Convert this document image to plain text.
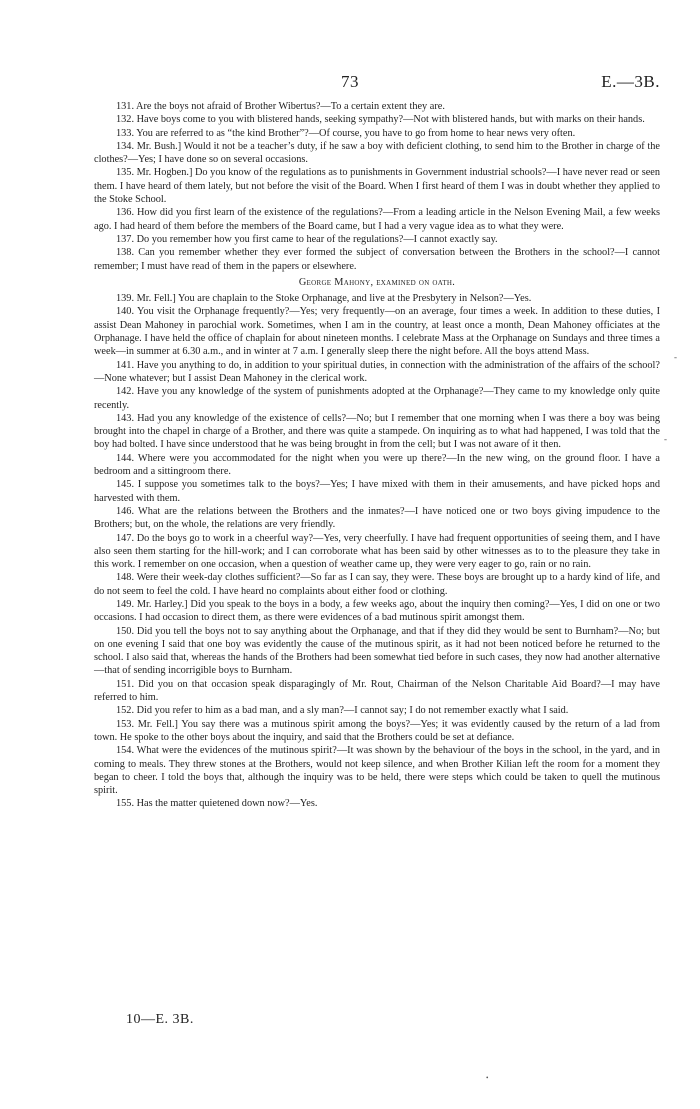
73	E.—3B.

131. Are the boys not afraid of Brother Wibertus?—To a certain extent they are.

132. Have boys come to you with blistered hands, seeking sympathy?—Not with blistered hands, but with marks on their hands.

133. You are referred to as “the kind Brother”?—Of course, you have to go from home to hear news very often.

134. Mr. Bush.] Would it not be a teacher’s duty, if he saw a boy with deficient clothing, to send him to the Brother in charge of the clothes?—Yes; I have done so on several occasions.

135. Mr. Hogben.] Do you know of the regulations as to punishments in Government industrial schools?—I have never read or seen them. I have heard of them lately, but not before the visit of the Board. When I first heard of them I was in doubt whether they applied to the Stoke School.

136. How did you first learn of the existence of the regulations?—From a leading article in the Nelson Evening Mail, a few weeks ago. I had heard of them before the members of the Board came, but I had a very vague idea as to what they were.

137. Do you remember how you first came to hear of the regulations?—I cannot exactly say.

138. Can you remember whether they ever formed the subject of conversation between the Brothers in the school?—I cannot remember; I must have read of them in the papers or elsewhere.

George Mahony, examined on oath.

139. Mr. Fell.] You are chaplain to the Stoke Orphanage, and live at the Presbytery in Nelson?—Yes.

140. You visit the Orphanage frequently?—Yes; very frequently—on an average, four times a week. In addition to these duties, I assist Dean Mahoney in parochial work. Sometimes, when I am in the country, at least once a month, Dean Mahoney officiates at the Orphanage. I have held the office of chaplain for about nineteen months. I celebrate Mass at the Orphanage on Sundays and three times a week—in summer at 6.30 a.m., and in winter at 7 a.m. I generally sleep there the night before. All the boys attend Mass.

141. Have you anything to do, in addition to your spiritual duties, in connection with the administration of the affairs of the school?—None whatever; but I assist Dean Mahoney in the clerical work.

142. Have you any knowledge of the system of punishments adopted at the Orphanage?—They came to my knowledge only quite recently.

143. Had you any knowledge of the existence of cells?—No; but I remember that one morning when I was there a boy was being brought into the chapel in charge of a Brother, and there was quite a stampede. On inquiring as to what had happened, I was told that the boy had bolted. I have since understood that he was being brought in from the cell; but I was not aware of it then.

144. Where were you accommodated for the night when you were up there?—In the new wing, on the ground floor. I have a bedroom and a sittingroom there.

145. I suppose you sometimes talk to the boys?—Yes; I have mixed with them in their amusements, and have picked hops and harvested with them.

146. What are the relations between the Brothers and the inmates?—I have noticed one or two boys giving impudence to the Brothers; but, on the whole, the relations are very friendly.

147. Do the boys go to work in a cheerful way?—Yes, very cheerfully. I have had frequent opportunities of seeing them, and I have also seen them starting for the hill-work; and I can corroborate what has been said by other witnesses as to to the pleasure they take in this work. I remember on one occasion, when a question of weather came up, they were very eager to go, rain or no rain.

148. Were their week-day clothes sufficient?—So far as I can say, they were. These boys are brought up to a hardy kind of life, and do not seem to feel the cold. I have heard no complaints about either food or clothing.

149. Mr. Harley.] Did you speak to the boys in a body, a few weeks ago, about the inquiry then coming?—Yes, I did on one or two occasions. I had occasion to direct them, as there were evidences of a bad mutinous spirit amongst them.

150. Did you tell the boys not to say anything about the Orphanage, and that if they did they would be sent to Burnham?—No; but on one evening I said that one boy was evidently the cause of the mutinous spirit, as it had not been noticed before he returned to the school. I also said that, whereas the hands of the Brothers had been somewhat tied before in such cases, they now had another alternative—that of sending incorrigible boys to Burnham.

151. Did you on that occasion speak disparagingly of Mr. Rout, Chairman of the Nelson Charitable Aid Board?—I may have referred to him.

152. Did you refer to him as a bad man, and a sly man?—I cannot say; I do not remember exactly what I said.

153. Mr. Fell.] You say there was a mutinous spirit among the boys?—Yes; it was evidently caused by the return of a lad from town. He spoke to the other boys about the inquiry, and said that the Brothers could be set at defiance.

154. What were the evidences of the mutinous spirit?—It was shown by the behaviour of the boys in the school, in the yard, and in coming to meals. They threw stones at the Brothers, would not keep silence, and when Brother Kilian left the room for a moment they began to cheer. I told the boys that, although the inquiry was to be held, there were steps which could be taken to quell the mutinous spirit.

155. Has the matter quietened down now?—Yes.

10—E. 3B.
-
-
•
